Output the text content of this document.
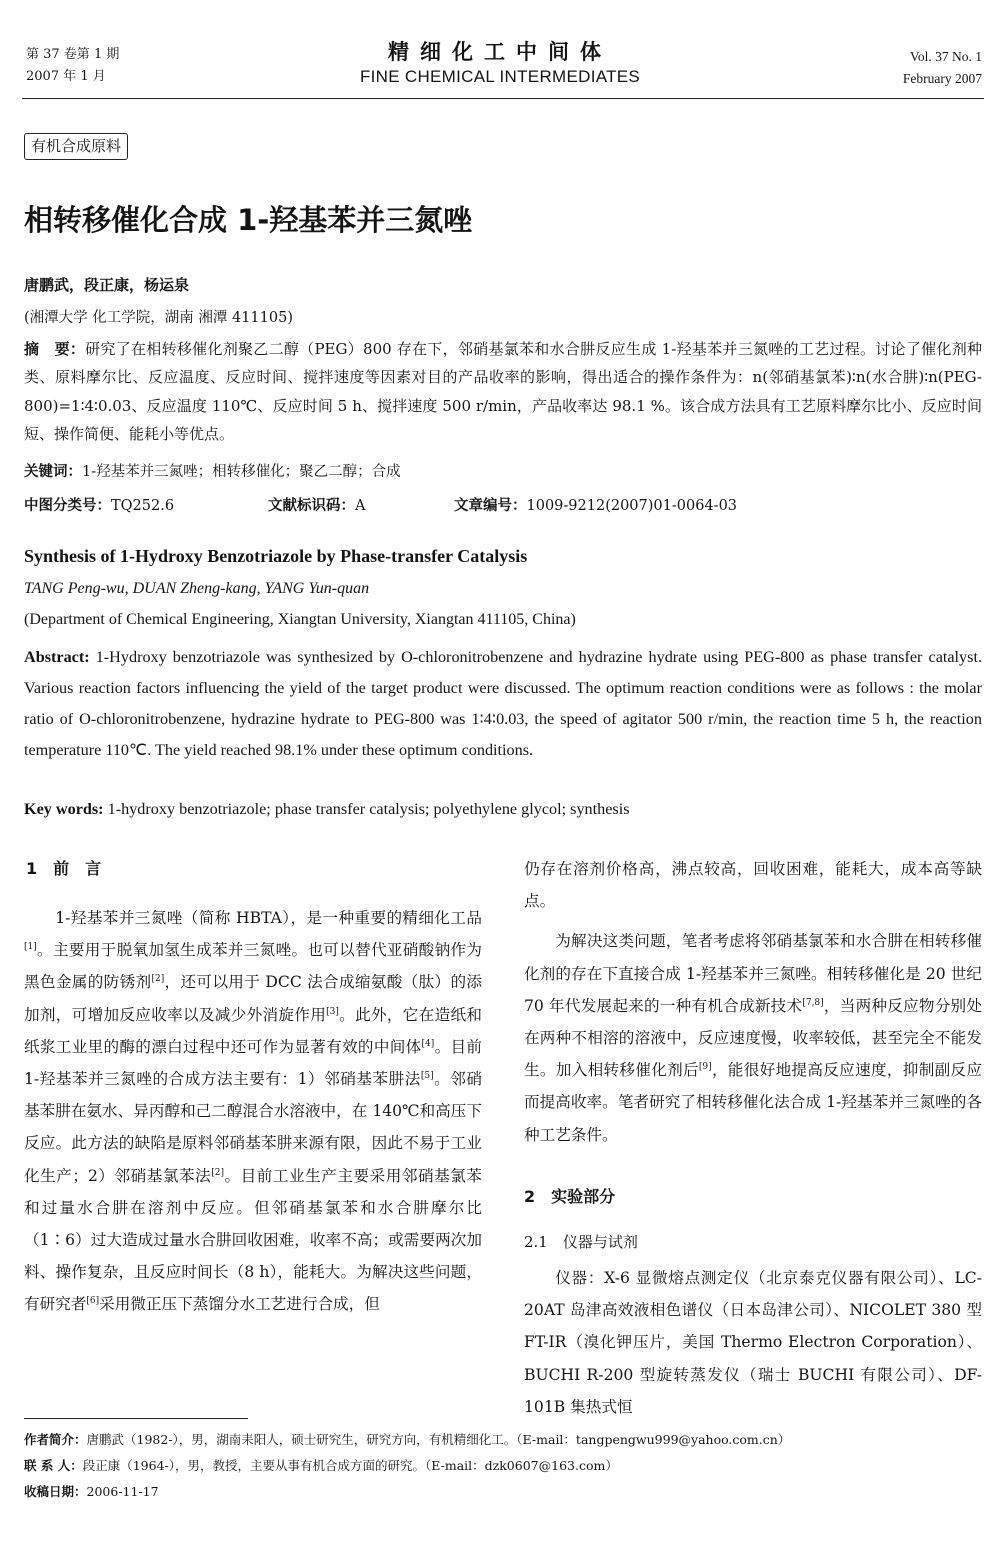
第 37 卷第 1 期
2007 年 1 月
精细化工中间体
FINE CHEMICAL INTERMEDIATES
Vol. 37 No. 1
February 2007
有机合成原料
相转移催化合成 1-羟基苯并三氮唑
唐鹏武，段正康，杨运泉
(湘潭大学 化工学院，湖南 湘潭 411105)
摘　要：研究了在相转移催化剂聚乙二醇（PEG）800 存在下，邻硝基氯苯和水合肼反应生成 1-羟基苯并三氮唑的工艺过程。讨论了催化剂种类、原料摩尔比、反应温度、反应时间、搅拌速度等因素对目的产品收率的影响，得出适合的操作条件为：n(邻硝基氯苯)∶n(水合肼)∶n(PEG-800)=1∶4∶0.03、反应温度 110℃、反应时间 5 h、搅拌速度 500 r/min，产品收率达 98.1 %。该合成方法具有工艺原料摩尔比小、反应时间短、操作简便、能耗小等优点。
关键词：1-羟基苯并三氮唑；相转移催化；聚乙二醇；合成
中图分类号：TQ252.6	文献标识码：A	文章编号：1009-9212(2007)01-0064-03
Synthesis of 1-Hydroxy Benzotriazole by Phase-transfer Catalysis
TANG Peng-wu, DUAN Zheng-kang, YANG Yun-quan
(Department of Chemical Engineering, Xiangtan University, Xiangtan 411105, China)
Abstract: 1-Hydroxy benzotriazole was synthesized by O-chloronitrobenzene and hydrazine hydrate using PEG-800 as phase transfer catalyst. Various reaction factors influencing the yield of the target product were discussed. The optimum reaction conditions were as follows : the molar ratio of O-chloronitrobenzene, hydrazine hydrate to PEG-800 was 1∶4∶0.03, the speed of agitator 500 r/min, the reaction time 5 h, the reaction temperature 110℃. The yield reached 98.1% under these optimum conditions.
Key words: 1-hydroxy benzotriazole; phase transfer catalysis; polyethylene glycol; synthesis
1　前　言

1-羟基苯并三氮唑（简称 HBTA），是一种重要的精细化工品[1]。主要用于脱氧加氢生成苯并三氮唑。也可以替代亚硝酸钠作为黑色金属的防锈剂[2]，还可以用于 DCC 法合成缩氨酸（肽）的添加剂，可增加反应收率以及减少外消旋作用[3]。此外，它在造纸和纸浆工业里的酶的漂白过程中还可作为显著有效的中间体[4]。目前 1-羟基苯并三氮唑的合成方法主要有：1）邻硝基苯肼法[5]。邻硝基苯肼在氨水、异丙醇和己二醇混合水溶液中，在 140℃和高压下反应。此方法的缺陷是原料邻硝基苯肼来源有限，因此不易于工业化生产；2）邻硝基氯苯法[2]。目前工业生产主要采用邻硝基氯苯和过量水合肼在溶剂中反应。但邻硝基氯苯和水合肼摩尔比（1∶6）过大造成过量水合肼回收困难，收率不高；或需要两次加料、操作复杂，且反应时间长（8 h），能耗大。为解决这些问题，有研究者[6]采用微正压下蒸馏分水工艺进行合成，但

仍存在溶剂价格高，沸点较高，回收困难，能耗大，成本高等缺点。

为解决这类问题，笔者考虑将邻硝基氯苯和水合肼在相转移催化剂的存在下直接合成 1-羟基苯并三氮唑。相转移催化是 20 世纪 70 年代发展起来的一种有机合成新技术[7,8]，当两种反应物分别处在两种不相溶的溶液中，反应速度慢，收率较低，甚至完全不能发生。加入相转移催化剂后[9]，能很好地提高反应速度，抑制副反应而提高收率。笔者研究了相转移催化法合成 1-羟基苯并三氮唑的各种工艺条件。

2　实验部分
2.1　仪器与试剂

仪器：X-6 显微熔点测定仪（北京泰克仪器有限公司）、LC-20AT 岛津高效液相色谱仪（日本岛津公司）、NICOLET 380 型 FT-IR（溴化钾压片，美国 Thermo Electron Corporation）、BUCHI R-200 型旋转蒸发仪（瑞士 BUCHI 有限公司）、DF-101B 集热式恒

作者简介：唐鹏武（1982-），男，湖南耒阳人，硕士研究生，研究方向，有机精细化工。（E-mail：tangpengwu999@yahoo.com.cn）
联 系 人：段正康（1964-），男，教授，主要从事有机合成方面的研究。（E-mail：dzk0607@163.com）
收稿日期：2006-11-17
